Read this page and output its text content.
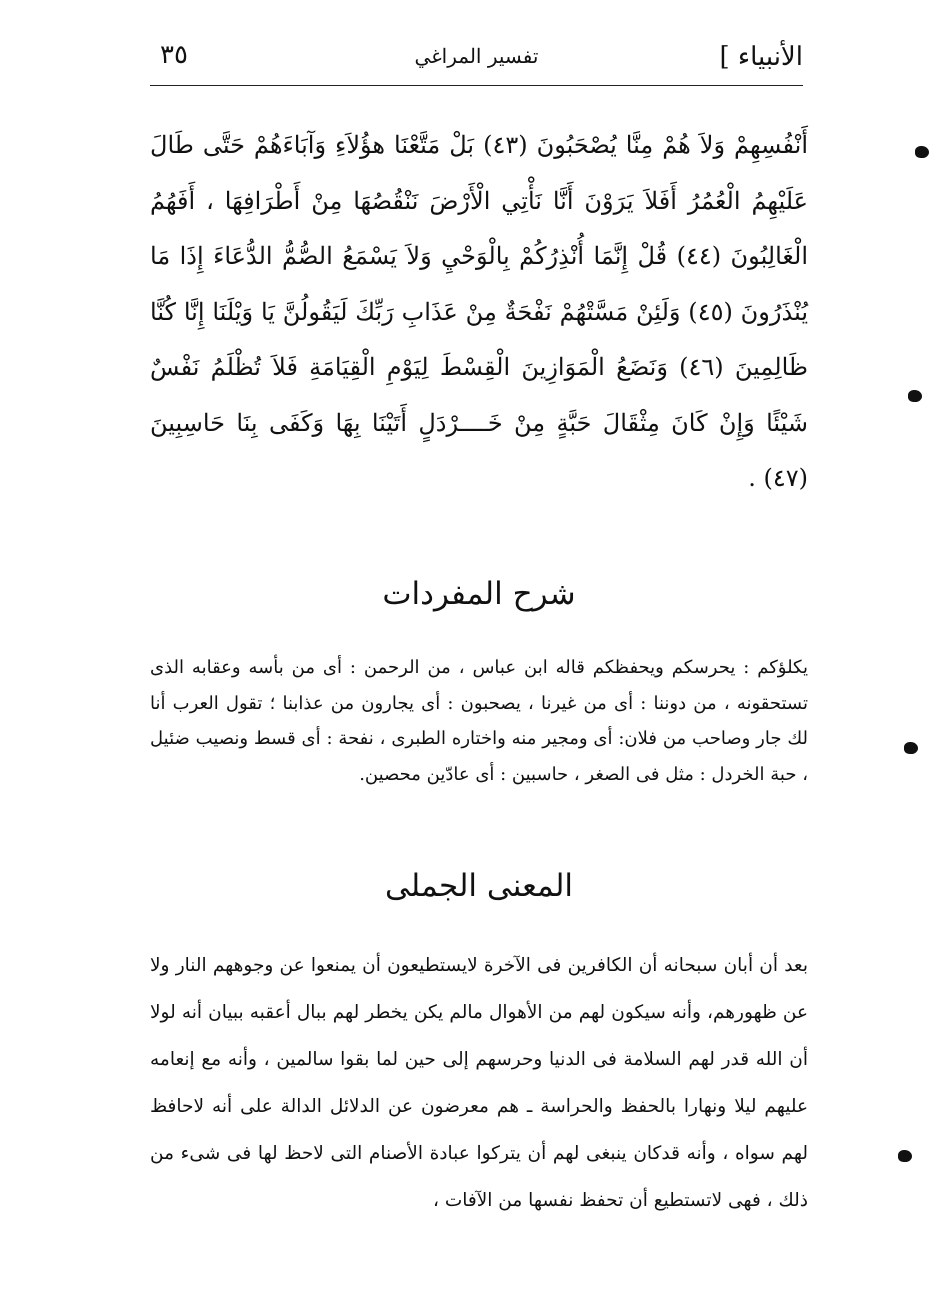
الأنبياء ]
تفسير المراغي
٣٥
أَنْفُسِهِمْ وَلاَ هُمْ مِنَّا يُصْحَبُونَ (٤٣) بَلْ مَتَّعْنَا هؤُلاَءِ وَآبَاءَهُمْ حَتَّى طَالَ عَلَيْهِمُ الْعُمُرُ أَفَلاَ يَرَوْنَ أَنَّا نَأْتِي الْأَرْضَ نَنْقُصُهَا مِنْ أَطْرَافِهَا ، أَفَهُمُ الْغَالِبُونَ (٤٤) قُلْ إِنَّمَا أُنْذِرُكُمْ بِالْوَحْيِ وَلاَ يَسْمَعُ الصُّمُّ الدُّعَاءَ إِذَا مَا يُنْذَرُونَ (٤٥) وَلَئِنْ مَسَّتْهُمْ نَفْحَةٌ مِنْ عَذَابِ رَبِّكَ لَيَقُولُنَّ يَا وَيْلَنَا إِنَّا كُنَّا ظَالِمِينَ (٤٦) وَنَضَعُ الْمَوَازِينَ الْقِسْطَ لِيَوْمِ الْقِيَامَةِ فَلاَ تُظْلَمُ نَفْسٌ شَيْئًا وَإِنْ كَانَ مِثْقَالَ حَبَّةٍ مِنْ خَــــرْدَلٍ أَتَيْنَا بِهَا وَكَفَى بِنَا حَاسِبِينَ (٤٧) .
شرح المفردات
يكلؤكم : يحرسكم ويحفظكم قاله ابن عباس ، من الرحمن : أى من بأسه وعقابه الذى تستحقونه ، من دوننا : أى من غيرنا ، يصحبون : أى يجارون من عذابنا ؛ تقول العرب أنا لك جار وصاحب من فلان: أى ومجير منه واختاره الطبرى ، نفحة : أى قسط ونصيب ضئيل ، حبة الخردل : مثل فى الصغر ، حاسبين : أى عادّين محصين.
المعنى الجملى
بعد أن أبان سبحانه أن الكافرين فى الآخرة لايستطيعون أن يمنعوا عن وجوههم النار ولا عن ظهورهم، وأنه سيكون لهم من الأهوال مالم يكن يخطر لهم ببال أعقبه ببيان أنه لولا أن الله قدر لهم السلامة فى الدنيا وحرسهم إلى حين لما بقوا سالمين ، وأنه مع إنعامه عليهم ليلا ونهارا بالحفظ والحراسة ـ هم معرضون عن الدلائل الدالة على أنه لاحافظ لهم سواه ، وأنه قدكان ينبغى لهم أن يتركوا عبادة الأصنام التى لاحظ لها فى شىء من ذلك ، فهى لاتستطيع أن تحفظ نفسها من الآفات ،
